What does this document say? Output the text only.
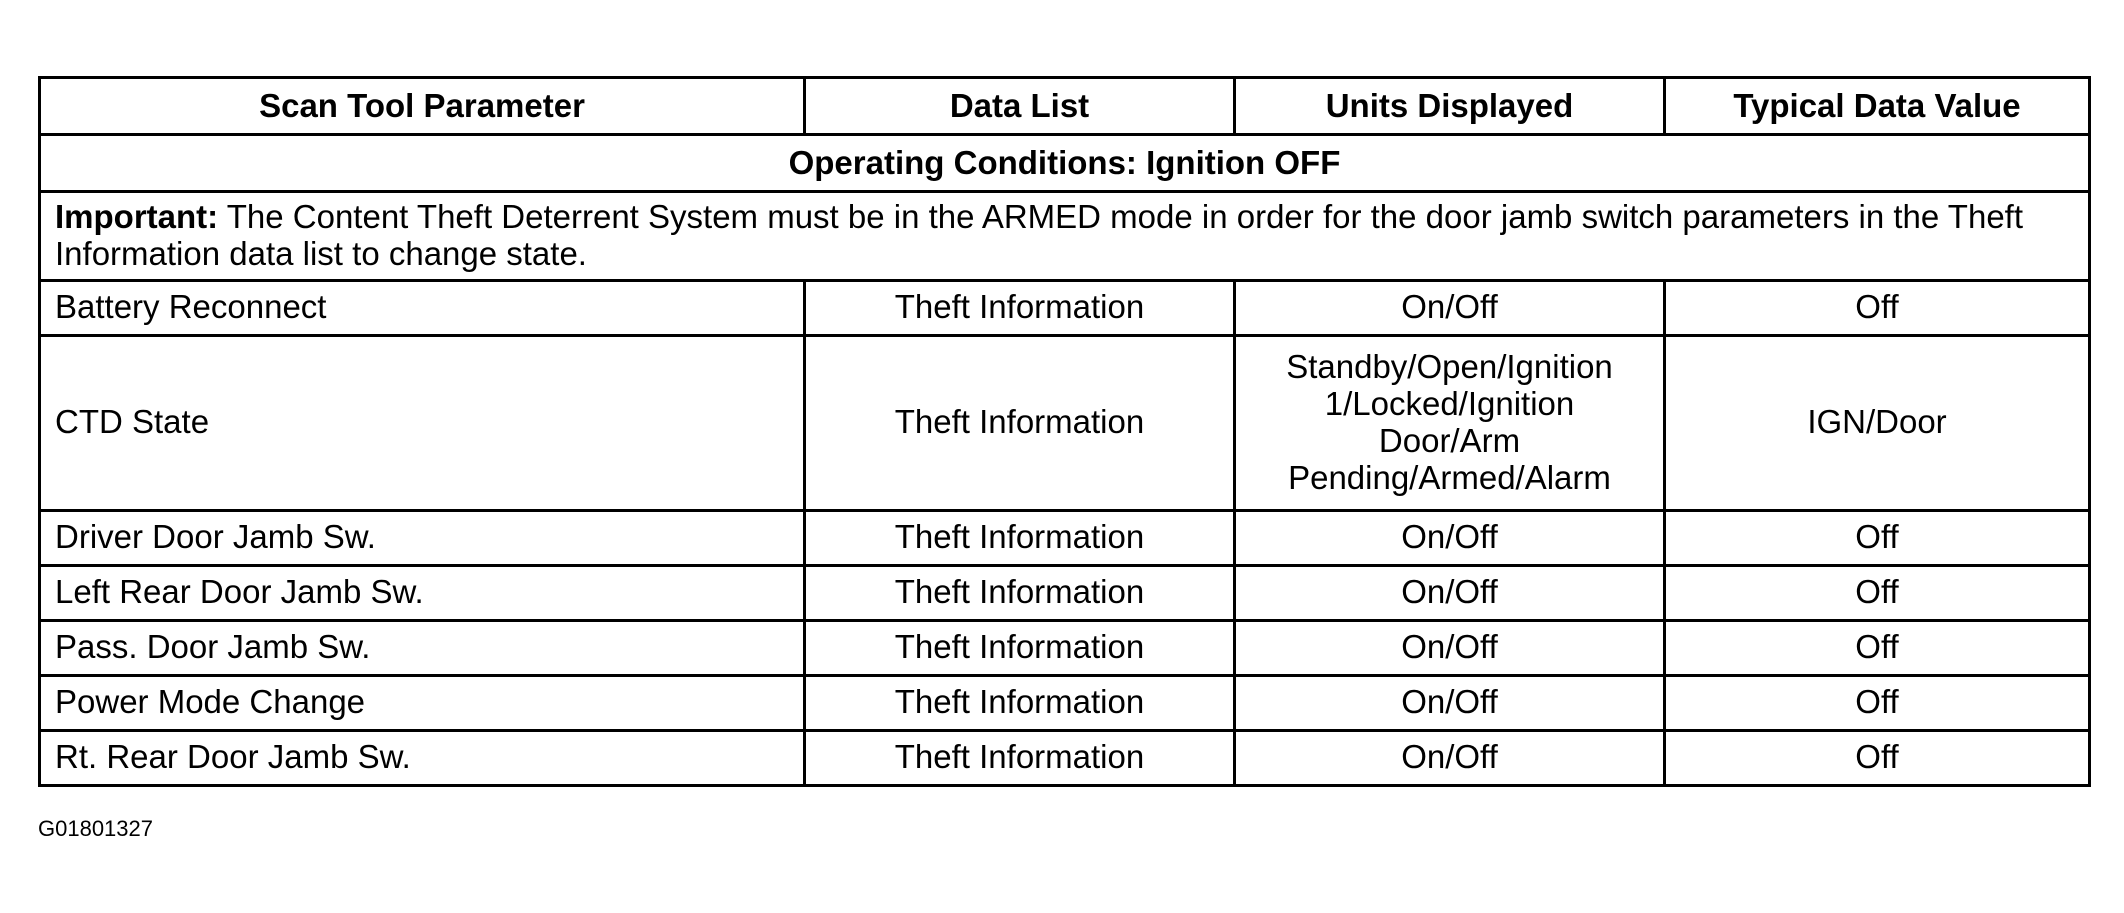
Scan Tool Parameter	Data List	Units Displayed	Typical Data Value
Operating Conditions: Ignition OFF			
Important: The Content Theft Deterrent System must be in the ARMED mode in order for the door jamb switch parameters in the Theft Information data list to change state.			
Battery Reconnect	Theft Information	On/Off	Off
CTD State	Theft Information	Standby/Open/Ignition 1/Locked/Ignition Door/Arm Pending/Armed/Alarm	IGN/Door
Driver Door Jamb Sw.	Theft Information	On/Off	Off
Left Rear Door Jamb Sw.	Theft Information	On/Off	Off
Pass. Door Jamb Sw.	Theft Information	On/Off	Off
Power Mode Change	Theft Information	On/Off	Off
Rt. Rear Door Jamb Sw.	Theft Information	On/Off	Off
G01801327
